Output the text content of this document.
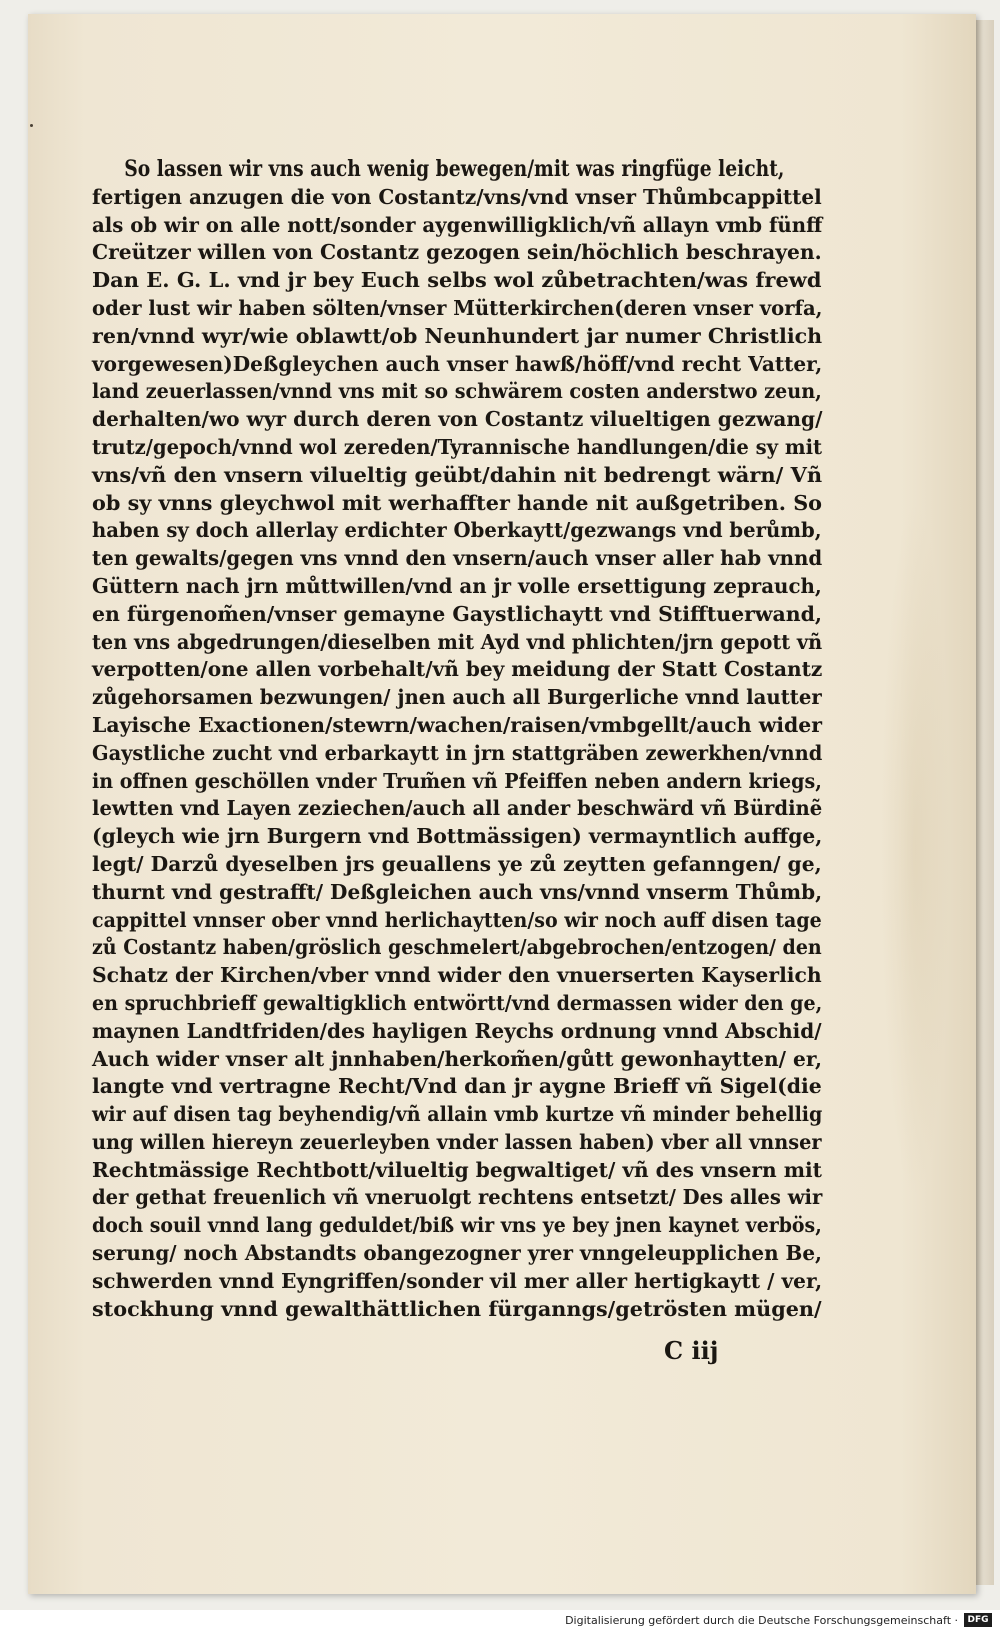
So lassen wir vns auch wenig bewegen/mit was ringfüge leicht,
fertigen anzugen die von Costantz/vns/vnd vnser Thůmbcappittel
als ob wir on alle nott/sonder aygenwilligklich/vñ allayn vmb fünff
Creützer willen von Costantz gezogen sein/höchlich beschrayen.
Dan E. G. L. vnd jr bey Euch selbs wol zůbetrachten/was frewd
oder lust wir haben sölten/vnser Mütterkirchen(deren vnser vorfa,
ren/vnnd wyr/wie oblawtt/ob Neunhundert jar numer Christlich
vorgewesen)Deßgleychen auch vnser hawß/höff/vnd recht Vatter,
land zeuerlassen/vnnd vns mit so schwärem costen anderstwo zeun,
derhalten/wo wyr durch deren von Costantz vilueltigen gezwang/
trutz/gepoch/vnnd wol zereden/Tyrannische handlungen/die sy mit
vns/vñ den vnsern vilueltig geübt/dahin nit bedrengt wärn/ Vñ
ob sy vnns gleychwol mit werhaffter hande nit außgetriben. So
haben sy doch allerlay erdichter Oberkaytt/gezwangs vnd berůmb,
ten gewalts/gegen vns vnnd den vnsern/auch vnser aller hab vnnd
Güttern nach jrn můttwillen/vnd an jr volle ersettigung zeprauch,
en fürgenom̃en/vnser gemayne Gaystlichaytt vnd Stifftuerwand,
ten vns abgedrungen/dieselben mit Ayd vnd phlichten/jrn gepott vñ
verpotten/one allen vorbehalt/vñ bey meidung der Statt Costantz
zůgehorsamen bezwungen/ jnen auch all Burgerliche vnnd lautter
Layische Exactionen/stewrn/wachen/raisen/vmbgellt/auch wider
Gaystliche zucht vnd erbarkaytt in jrn stattgräben zewerkhen/vnnd
in offnen geschöllen vnder Trum̃en vñ Pfeiffen neben andern kriegs,
lewtten vnd Layen zeziechen/auch all ander beschwärd vñ Bürdinẽ
(gleych wie jrn Burgern vnd Bottmässigen) vermayntlich auffge,
legt/ Darzů dyeselben jrs geuallens ye zů zeytten gefanngen/ ge,
thurnt vnd gestrafft/ Deßgleichen auch vns/vnnd vnserm Thůmb,
cappittel vnnser ober vnnd herlichaytten/so wir noch auff disen tage
zů Costantz haben/gröslich geschmelert/abgebrochen/entzogen/ den
Schatz der Kirchen/vber vnnd wider den vnuerserten Kayserlich
en spruchbrieff gewaltigklich entwörtt/vnd dermassen wider den ge,
maynen Landtfriden/des hayligen Reychs ordnung vnnd Abschid/
Auch wider vnser alt jnnhaben/herkom̃en/gůtt gewonhaytten/ er,
langte vnd vertragne Recht/Vnd dan jr aygne Brieff vñ Sigel(die
wir auf disen tag beyhendig/vñ allain vmb kurtze vñ minder behellig
ung willen hiereyn zeuerleyben vnder lassen haben) vber all vnnser
Rechtmässige Rechtbott/vilueltig begwaltiget/ vñ des vnsern mit
der gethat freuenlich vñ vneruolgt rechtens entsetzt/ Des alles wir
doch souil vnnd lang geduldet/biß wir vns ye bey jnen kaynet verbös,
serung/ noch Abstandts obangezogner yrer vnngeleupplichen Be,
schwerden vnnd Eyngriffen/sonder vil mer aller hertigkaytt / ver,
stockhung vnnd gewalthättlichen fürganngs/getrösten mügen/
C iij
Digitalisierung gefördert durch die Deutsche Forschungsgemeinschaft ·	DFG
